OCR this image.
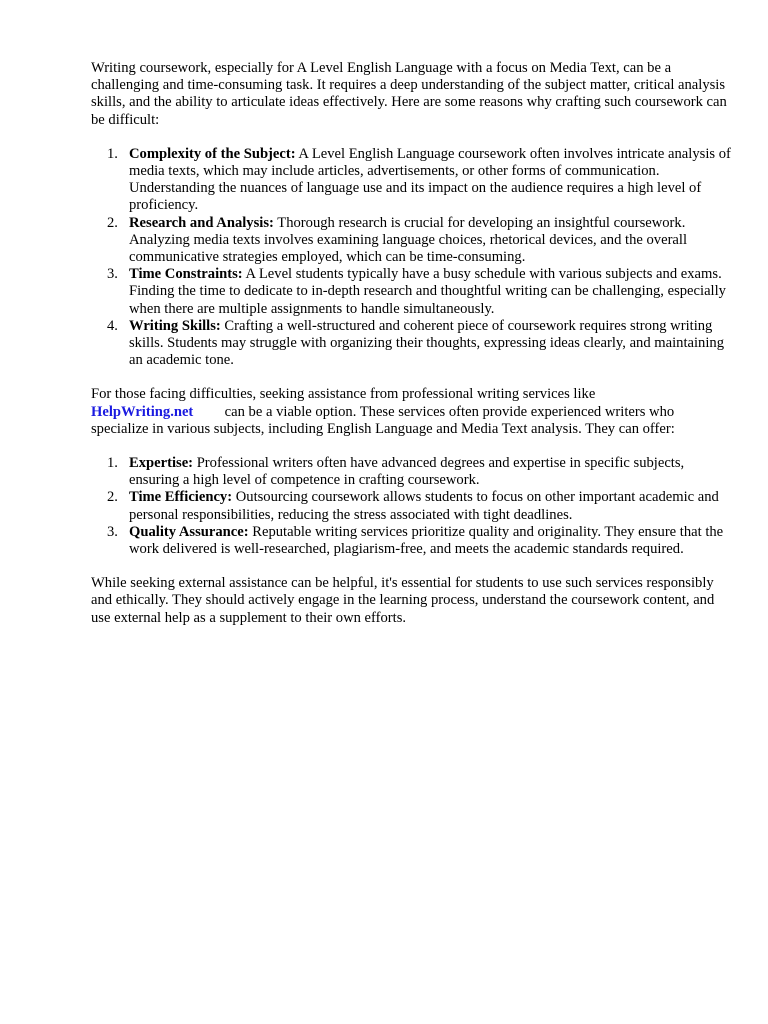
Writing coursework, especially for A Level English Language with a focus on Media Text, can be a challenging and time-consuming task. It requires a deep understanding of the subject matter, critical analysis skills, and the ability to articulate ideas effectively. Here are some reasons why crafting such coursework can be difficult:

1. Complexity of the Subject: A Level English Language coursework often involves intricate analysis of media texts, which may include articles, advertisements, or other forms of communication. Understanding the nuances of language use and its impact on the audience requires a high level of proficiency.
2. Research and Analysis: Thorough research is crucial for developing an insightful coursework. Analyzing media texts involves examining language choices, rhetorical devices, and the overall communicative strategies employed, which can be time-consuming.
3. Time Constraints: A Level students typically have a busy schedule with various subjects and exams. Finding the time to dedicate to in-depth research and thoughtful writing can be challenging, especially when there are multiple assignments to handle simultaneously.
4. Writing Skills: Crafting a well-structured and coherent piece of coursework requires strong writing skills. Students may struggle with organizing their thoughts, expressing ideas clearly, and maintaining an academic tone.

For those facing difficulties, seeking assistance from professional writing services like
HelpWriting.net can be a viable option. These services often provide experienced writers who specialize in various subjects, including English Language and Media Text analysis. They can offer:

1. Expertise: Professional writers often have advanced degrees and expertise in specific subjects, ensuring a high level of competence in crafting coursework.
2. Time Efficiency: Outsourcing coursework allows students to focus on other important academic and personal responsibilities, reducing the stress associated with tight deadlines.
3. Quality Assurance: Reputable writing services prioritize quality and originality. They ensure that the work delivered is well-researched, plagiarism-free, and meets the academic standards required.

While seeking external assistance can be helpful, it's essential for students to use such services responsibly and ethically. They should actively engage in the learning process, understand the coursework content, and use external help as a supplement to their own efforts.
